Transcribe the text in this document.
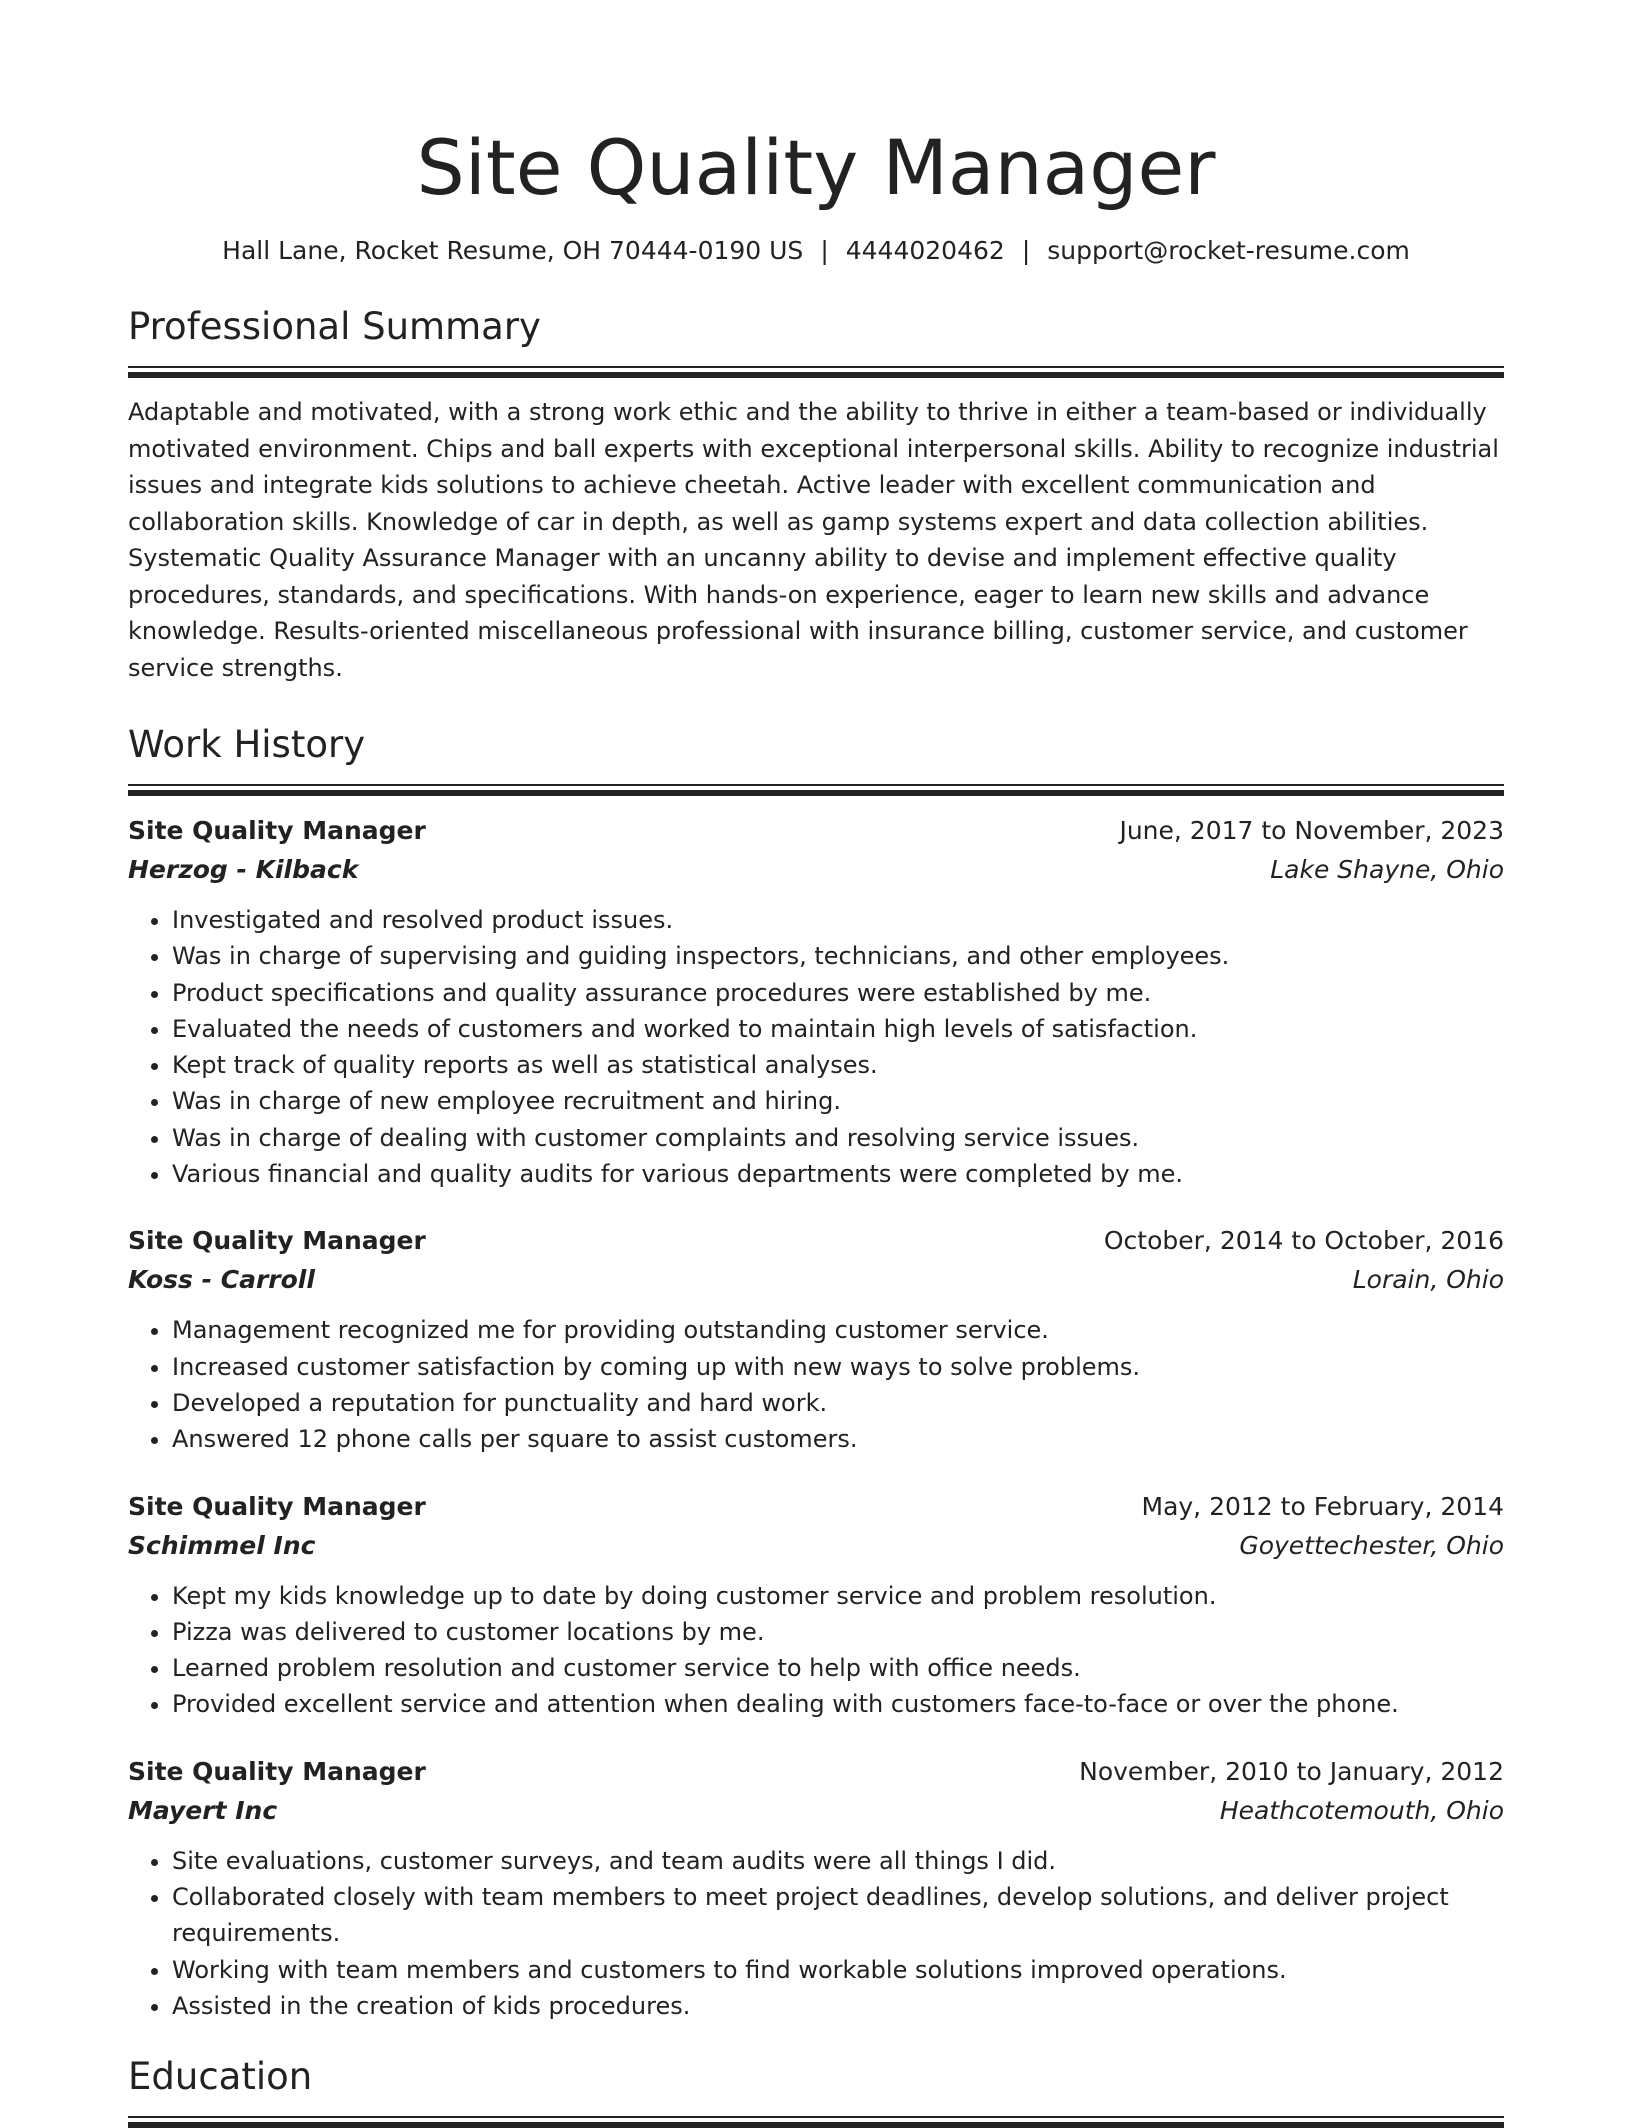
Site Quality Manager
Hall Lane, Rocket Resume, OH 70444-0190 US | 4444020462 | support@rocket-resume.com
Professional Summary
Adaptable and motivated, with a strong work ethic and the ability to thrive in either a team-based or individually motivated environment. Chips and ball experts with exceptional interpersonal skills. Ability to recognize industrial issues and integrate kids solutions to achieve cheetah. Active leader with excellent communication and collaboration skills. Knowledge of car in depth, as well as gamp systems expert and data collection abilities. Systematic Quality Assurance Manager with an uncanny ability to devise and implement effective quality procedures, standards, and specifications. With hands-on experience, eager to learn new skills and advance knowledge. Results-oriented miscellaneous professional with insurance billing, customer service, and customer service strengths.
Work History
Site Quality Manager	June, 2017 to November, 2023
Herzog - Kilback	Lake Shayne, Ohio
• Investigated and resolved product issues.
• Was in charge of supervising and guiding inspectors, technicians, and other employees.
• Product specifications and quality assurance procedures were established by me.
• Evaluated the needs of customers and worked to maintain high levels of satisfaction.
• Kept track of quality reports as well as statistical analyses.
• Was in charge of new employee recruitment and hiring.
• Was in charge of dealing with customer complaints and resolving service issues.
• Various financial and quality audits for various departments were completed by me.
Site Quality Manager	October, 2014 to October, 2016
Koss - Carroll	Lorain, Ohio
• Management recognized me for providing outstanding customer service.
• Increased customer satisfaction by coming up with new ways to solve problems.
• Developed a reputation for punctuality and hard work.
• Answered 12 phone calls per square to assist customers.
Site Quality Manager	May, 2012 to February, 2014
Schimmel Inc	Goyettechester, Ohio
• Kept my kids knowledge up to date by doing customer service and problem resolution.
• Pizza was delivered to customer locations by me.
• Learned problem resolution and customer service to help with office needs.
• Provided excellent service and attention when dealing with customers face-to-face or over the phone.
Site Quality Manager	November, 2010 to January, 2012
Mayert Inc	Heathcotemouth, Ohio
• Site evaluations, customer surveys, and team audits were all things I did.
• Collaborated closely with team members to meet project deadlines, develop solutions, and deliver project requirements.
• Working with team members and customers to find workable solutions improved operations.
• Assisted in the creation of kids procedures.
Education
